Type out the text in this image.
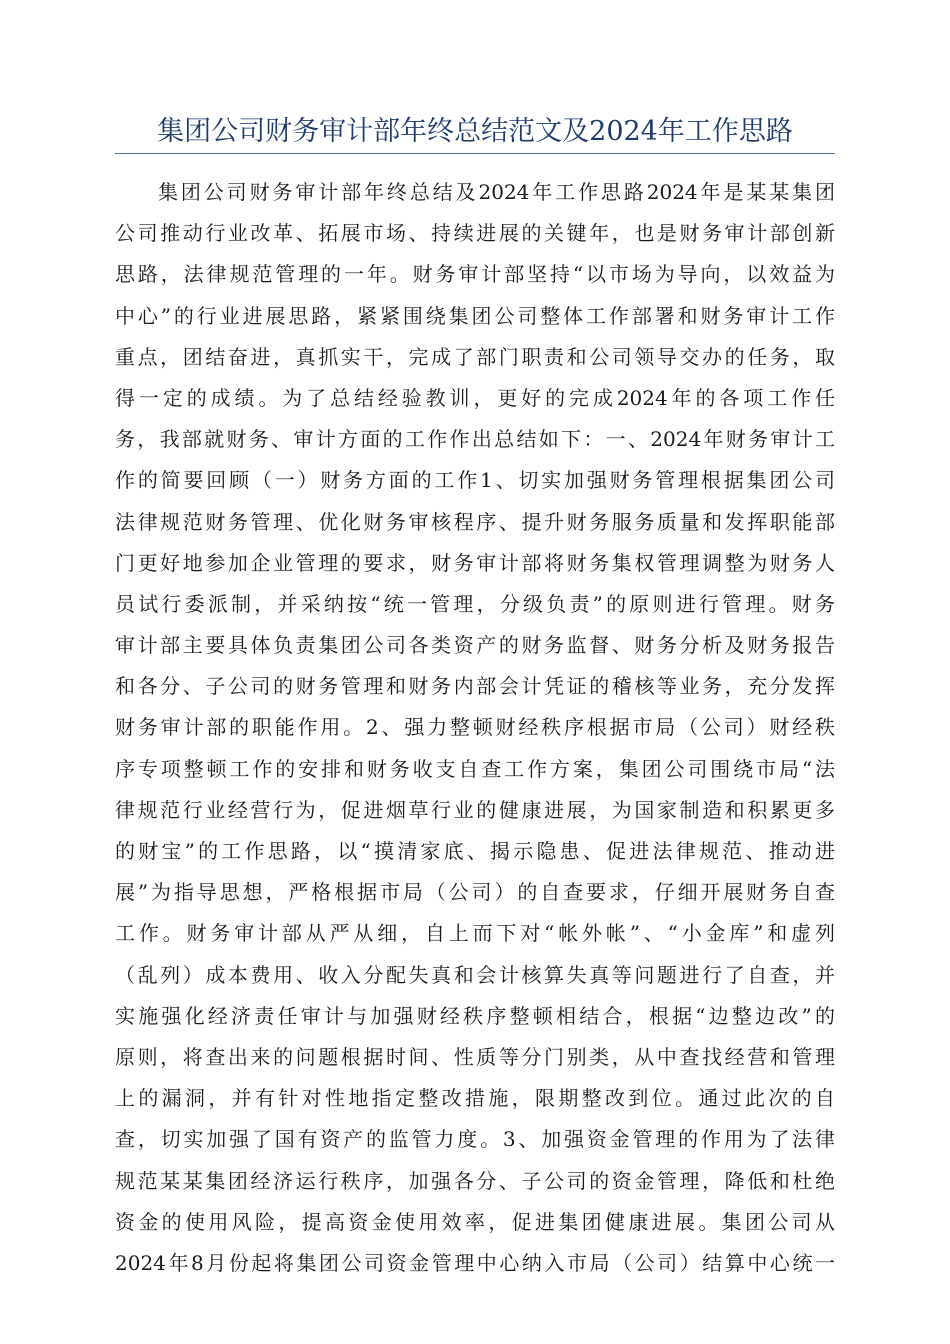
集团公司财务审计部年终总结范文及2024年工作思路
集团公司财务审计部年终总结及2024年工作思路2024年是某某集团
公司推动行业改革、拓展市场、持续进展的关键年，也是财务审计部创新
思路，法律规范管理的一年。财务审计部坚持“以市场为导向，以效益为
中心”的行业进展思路，紧紧围绕集团公司整体工作部署和财务审计工作
重点，团结奋进，真抓实干，完成了部门职责和公司领导交办的任务，取
得一定的成绩。为了总结经验教训，更好的完成2024年的各项工作任
务，我部就财务、审计方面的工作作出总结如下：一、2024年财务审计工
作的简要回顾（一）财务方面的工作1、切实加强财务管理根据集团公司
法律规范财务管理、优化财务审核程序、提升财务服务质量和发挥职能部
门更好地参加企业管理的要求，财务审计部将财务集权管理调整为财务人
员试行委派制，并采纳按“统一管理，分级负责”的原则进行管理。财务
审计部主要具体负责集团公司各类资产的财务监督、财务分析及财务报告
和各分、子公司的财务管理和财务内部会计凭证的稽核等业务，充分发挥
财务审计部的职能作用。2、强力整顿财经秩序根据市局（公司）财经秩
序专项整顿工作的安排和财务收支自查工作方案，集团公司围绕市局“法
律规范行业经营行为，促进烟草行业的健康进展，为国家制造和积累更多
的财宝”的工作思路，以“摸清家底、揭示隐患、促进法律规范、推动进
展”为指导思想，严格根据市局（公司）的自查要求，仔细开展财务自查
工作。财务审计部从严从细，自上而下对“帐外帐”、“小金库”和虚列
（乱列）成本费用、收入分配失真和会计核算失真等问题进行了自查，并
实施强化经济责任审计与加强财经秩序整顿相结合，根据“边整边改”的
原则，将查出来的问题根据时间、性质等分门别类，从中查找经营和管理
上的漏洞，并有针对性地指定整改措施，限期整改到位。通过此次的自
查，切实加强了国有资产的监管力度。3、加强资金管理的作用为了法律
规范某某集团经济运行秩序，加强各分、子公司的资金管理，降低和杜绝
资金的使用风险，提高资金使用效率，促进集团健康进展。集团公司从
2024年8月份起将集团公司资金管理中心纳入市局（公司）结算中心统一
